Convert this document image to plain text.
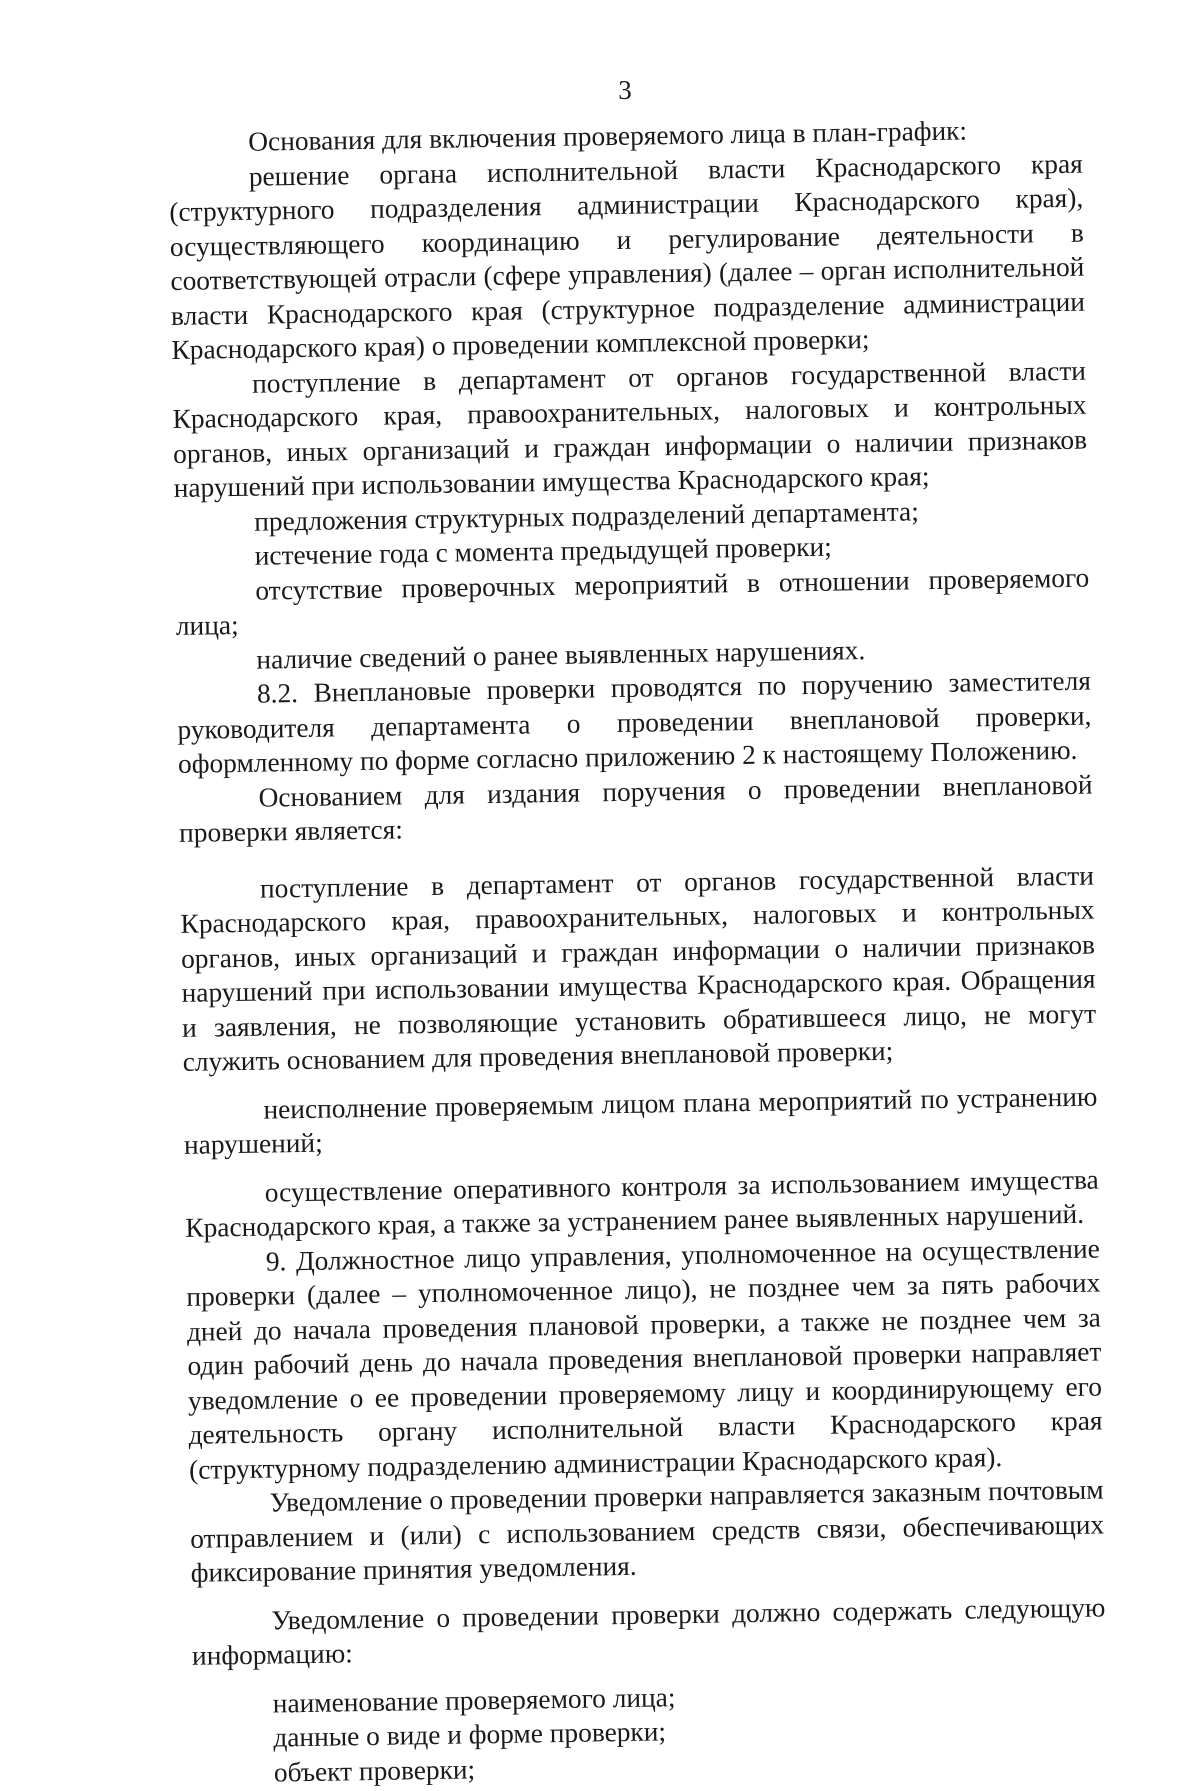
3

Основания для включения проверяемого лица в план-график:

решение органа исполнительной власти Краснодарского края (структурного подразделения администрации Краснодарского края), осуществляющего координацию и регулирование деятельности в соответствующей отрасли (сфере управления) (далее – орган исполнительной власти Краснодарского края (структурное подразделение администрации Краснодарского края) о проведении комплексной проверки;

поступление в департамент от органов государственной власти Краснодарского края, правоохранительных, налоговых и контрольных органов, иных организаций и граждан информации о наличии признаков нарушений при использовании имущества Краснодарского края;

предложения структурных подразделений департамента;

истечение года с момента предыдущей проверки;

отсутствие проверочных мероприятий в отношении проверяемого лица;

наличие сведений о ранее выявленных нарушениях.

8.2. Внеплановые проверки проводятся по поручению заместителя руководителя департамента о проведении внеплановой проверки, оформленному по форме согласно приложению 2 к настоящему Положению.

Основанием для издания поручения о проведении внеплановой проверки является:

поступление в департамент от органов государственной власти Краснодарского края, правоохранительных, налоговых и контрольных органов, иных организаций и граждан информации о наличии признаков нарушений при использовании имущества Краснодарского края. Обращения и заявления, не позволяющие установить обратившееся лицо, не могут служить основанием для проведения внеплановой проверки;

неисполнение проверяемым лицом плана мероприятий по устранению нарушений;

осуществление оперативного контроля за использованием имущества Краснодарского края, а также за устранением ранее выявленных нарушений.

9. Должностное лицо управления, уполномоченное на осуществление проверки (далее – уполномоченное лицо), не позднее чем за пять рабочих дней до начала проведения плановой проверки, а также не позднее чем за один рабочий день до начала проведения внеплановой проверки направляет уведомление о ее проведении проверяемому лицу и координирующему его деятельность органу исполнительной власти Краснодарского края (структурному подразделению администрации Краснодарского края).

Уведомление о проведении проверки направляется заказным почтовым отправлением и (или) с использованием средств связи, обеспечивающих фиксирование принятия уведомления.

Уведомление о проведении проверки должно содержать следующую информацию:

наименование проверяемого лица;

данные о виде и форме проверки;

объект проверки;
